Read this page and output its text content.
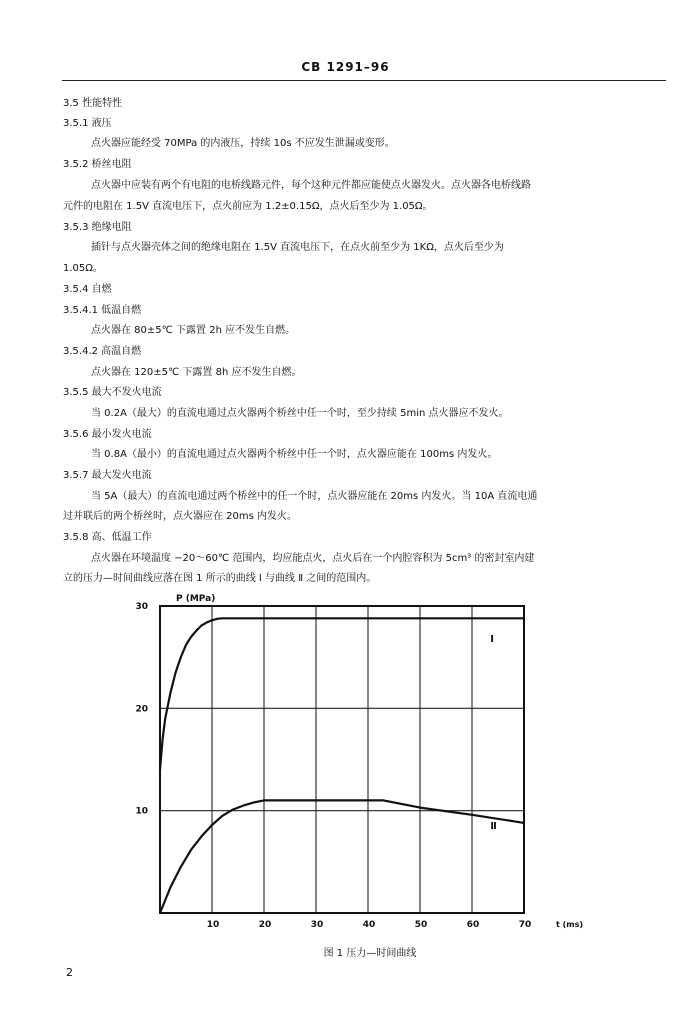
CB 1291–96
3.5 性能特性
3.5.1 液压
点火器应能经受 70MPa 的内液压，持续 10s 不应发生泄漏或变形。
3.5.2 桥丝电阻
点火器中应装有两个有电阻的电桥线路元件，每个这种元件都应能使点火器发火。点火器各电桥线路
元件的电阻在 1.5V 直流电压下，点火前应为 1.2±0.15Ω，点火后至少为 1.05Ω。
3.5.3 绝缘电阻
插针与点火器壳体之间的绝缘电阻在 1.5V 直流电压下，在点火前至少为 1KΩ，点火后至少为
1.05Ω。
3.5.4 自燃
3.5.4.1 低温自燃
点火器在 80±5℃ 下露置 2h 应不发生自燃。
3.5.4.2 高温自燃
点火器在 120±5℃ 下露置 8h 应不发生自燃。
3.5.5 最大不发火电流
当 0.2A（最大）的直流电通过点火器两个桥丝中任一个时，至少持续 5min 点火器应不发火。
3.5.6 最小发火电流
当 0.8A（最小）的直流电通过点火器两个桥丝中任一个时，点火器应能在 100ms 内发火。
3.5.7 最大发火电流
当 5A（最大）的直流电通过两个桥丝中的任一个时，点火器应能在 20ms 内发火。当 10A 直流电通
过并联后的两个桥丝时，点火器应在 20ms 内发火。
3.5.8 高、低温工作
点火器在环境温度 −20～60℃ 范围内，均应能点火，点火后在一个内腔容积为 5cm³ 的密封室内建
立的压力—时间曲线应落在图 1 所示的曲线 Ⅰ 与曲线 Ⅱ 之间的范围内。
P (MPa)
t (ms)
图 1 压力—时间曲线
10	20	30	40	50	60	70
10
20
30
Ⅰ
Ⅱ
2
